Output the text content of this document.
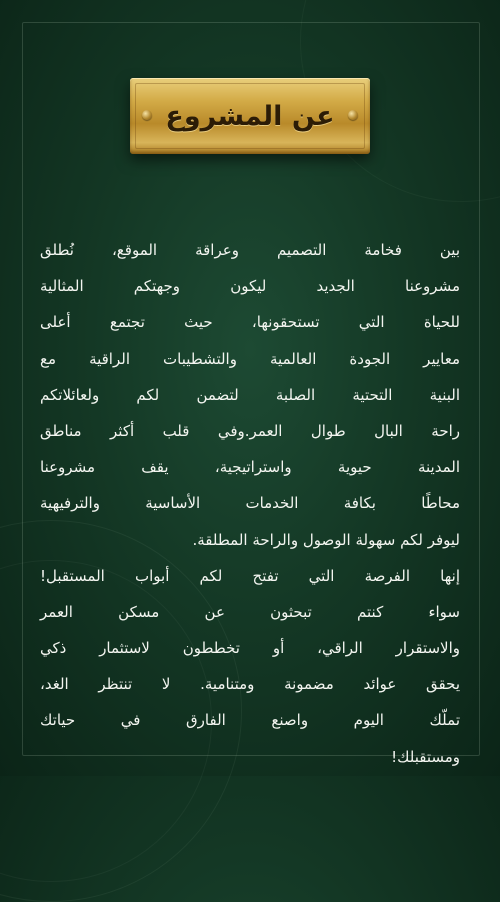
عن المشروع
بين فخامة التصميم وعراقة الموقع، نُطلق
مشروعنا الجديد ليكون وجهتكم المثالية
للحياة التي تستحقونها، حيث تجتمع أعلى
معايير الجودة العالمية والتشطيبات الراقية مع
البنية التحتية الصلبة لتضمن لكم ولعائلاتكم
راحة البال طوال العمر.وفي قلب أكثر مناطق
المدينة حيوية واستراتيجية، يقف مشروعنا
محاطًا بكافة الخدمات الأساسية والترفيهية
ليوفر لكم سهولة الوصول والراحة المطلقة.
إنها الفرصة التي تفتح لكم أبواب المستقبل!
سواء كنتم تبحثون عن مسكن العمر
والاستقرار الراقي، أو تخططون لاستثمار ذكي
يحقق عوائد مضمونة ومتنامية. لا تنتظر الغد،
تملّك اليوم واصنع الفارق في حياتك
ومستقبلك!
